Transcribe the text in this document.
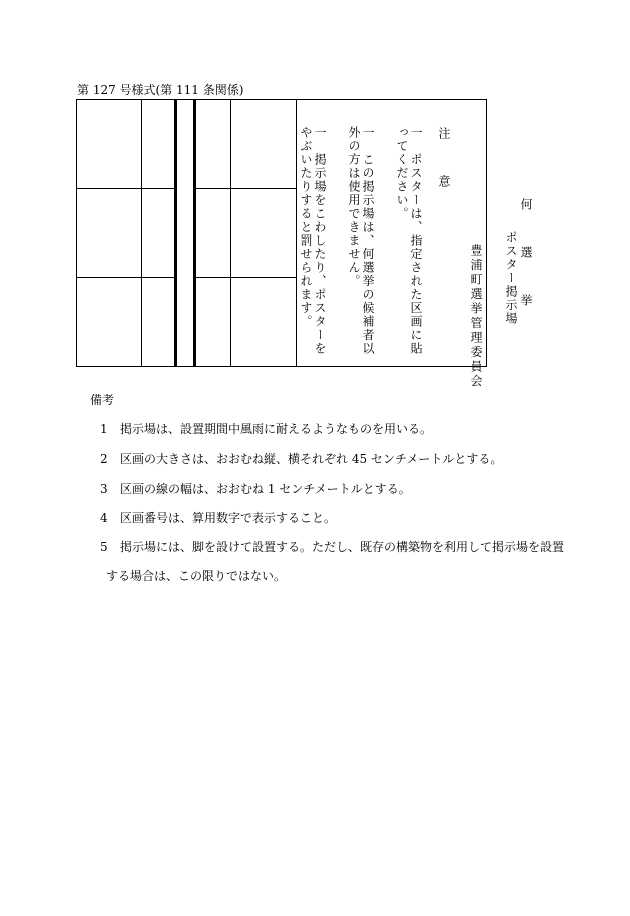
第 127 号様式(第 111 条関係)
何　選　挙
ポスター掲示場
豊浦町選挙管理委員会
注　意
一　ポスターは、指定された区画に貼ってください。
一　この掲示場は、何選挙の候補者以外の方は使用できません。
一　掲示場をこわしたり、ポスターをやぶいたりすると罰せられます。
備考
1 掲示場は、設置期間中風雨に耐えるようなものを用いる。
2 区画の大きさは、おおむね縦、横それぞれ 45 センチメートルとする。
3 区画の線の幅は、おおむね 1 センチメートルとする。
4 区画番号は、算用数字で表示すること。
5 掲示場には、脚を設けて設置する。ただし、既存の構築物を利用して掲示場を設置
する場合は、この限りではない。
